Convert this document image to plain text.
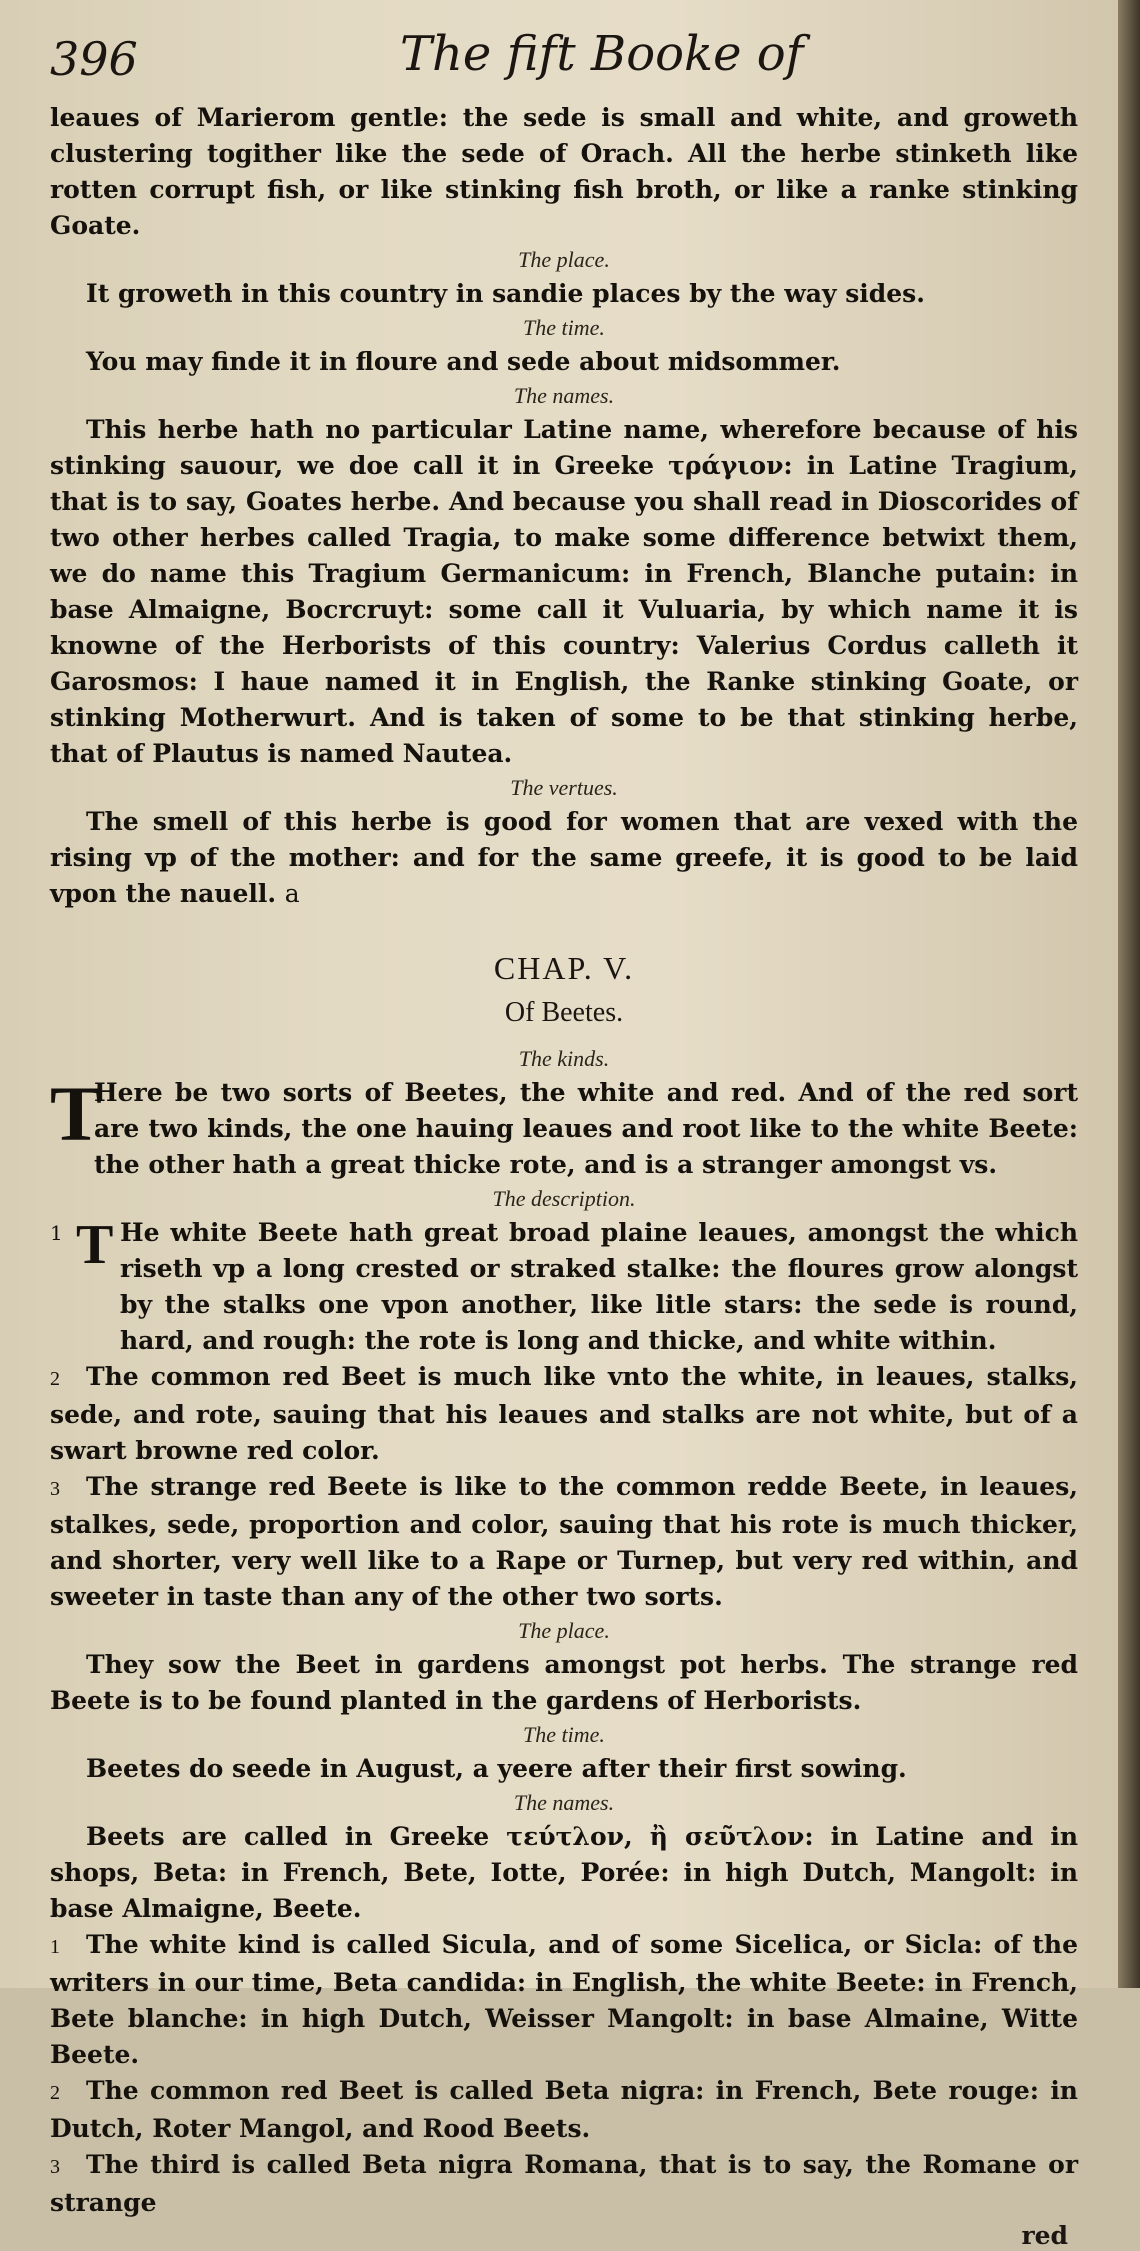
396	The fift Booke of

leaues of Marierom gentle: the sede is small and white, and groweth clustering togither like the sede of Orach. All the herbe stinketh like rotten corrupt fish, or like stinking fish broth, or like a ranke stinking Goate.

The place.

It groweth in this country in sandie places by the way sides.

The time.

You may finde it in floure and sede about midsommer.

The names.

This herbe hath no particular Latine name, wherefore because of his stinking sauour, we doe call it in Greeke τράγιον: in Latine Tragium, that is to say, Goates herbe. And because you shall read in Dioscorides of two other herbes called Tragia, to make some difference betwixt them, we do name this Tragium Germanicum: in French, Blanche putain: in base Almaigne, Bocrcruyt: some call it Vuluaria, by which name it is knowne of the Herborists of this country: Valerius Cordus calleth it Garosmos: I haue named it in English, the Ranke stinking Goate, or stinking Motherwurt. And is taken of some to be that stinking herbe, that of Plautus is named Nautea.

The vertues.

The smell of this herbe is good for women that are vexed with the rising vp of the mother: and for the same greefe, it is good to be laid vpon the nauell. a

CHAP. V.
Of Beetes.

The kinds.

T
Here be two sorts of Beetes, the white and red. And of the red sort are two kinds, the one hauing leaues and root like to the white Beete: the other hath a great thicke rote, and is a stranger amongst vs.

The description.

1 T He white Beete hath great broad plaine leaues, amongst the which riseth vp a long crested or straked stalke: the floures grow alongst by the stalks one vpon another, like litle stars: the sede is round, hard, and rough: the rote is long and thicke, and white within.

2 The common red Beet is much like vnto the white, in leaues, stalks, sede, and rote, sauing that his leaues and stalks are not white, but of a swart browne red color.

3 The strange red Beete is like to the common redde Beete, in leaues, stalkes, sede, proportion and color, sauing that his rote is much thicker, and shorter, very well like to a Rape or Turnep, but very red within, and sweeter in taste than any of the other two sorts.

The place.

They sow the Beet in gardens amongst pot herbs. The strange red Beete is to be found planted in the gardens of Herborists.

The time.

Beetes do seede in August, a yeere after their first sowing.

The names.

Beets are called in Greeke τεύτλον, ἢ σεῦτλον: in Latine and in shops, Beta: in French, Bete, Iotte, Porée: in high Dutch, Mangolt: in base Almaigne, Beete.

1 The white kind is called Sicula, and of some Sicelica, or Sicla: of the writers in our time, Beta candida: in English, the white Beete: in French, Bete blanche: in high Dutch, Weisser Mangolt: in base Almaine, Witte Beete.

2 The common red Beet is called Beta nigra: in French, Bete rouge: in Dutch, Roter Mangol, and Rood Beets.

3 The third is called Beta nigra Romana, that is to say, the Romane or strange

red
